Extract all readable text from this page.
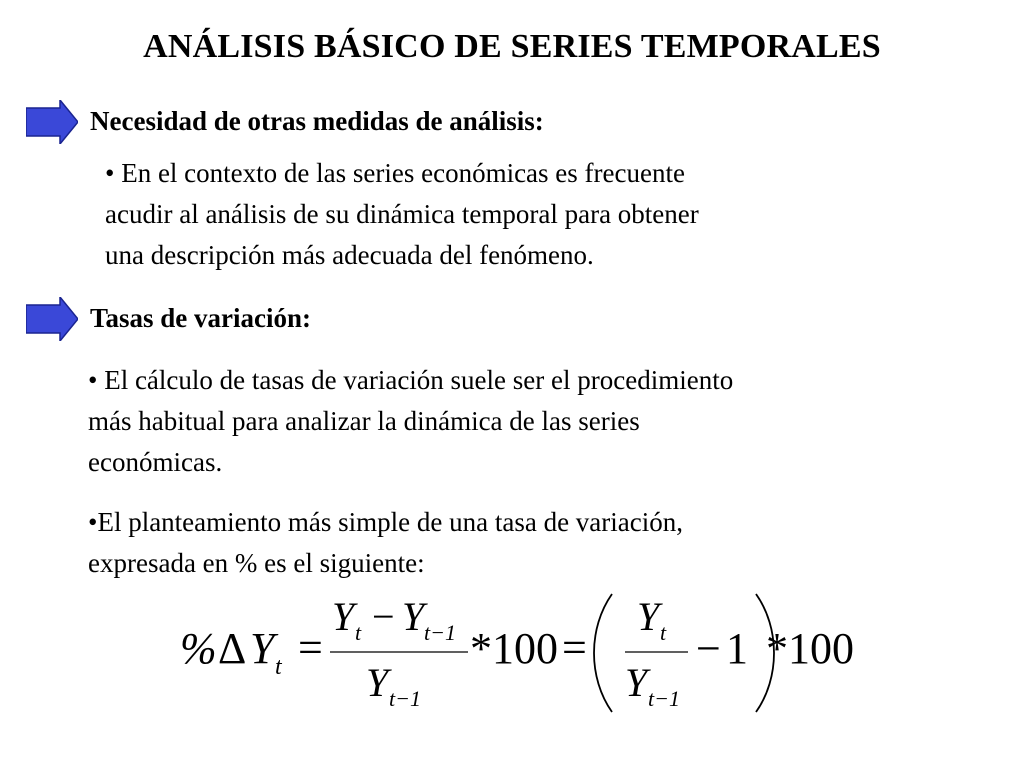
ANÁLISIS BÁSICO DE SERIES TEMPORALES
Necesidad de otras medidas de análisis:
• En el contexto de las series económicas es frecuente
acudir al análisis de su dinámica temporal para obtener
una descripción más adecuada del fenómeno.
Tasas de variación:
• El cálculo de tasas de variación suele ser el procedimiento
más habitual para analizar la dinámica de las series
económicas.
•El planteamiento más simple de una tasa de variación,
expresada en % es el siguiente:
% Δ Y t =
Y t − Y t−1
Y t−1
*100 =
Y t
Y t−1
− 1 *100
